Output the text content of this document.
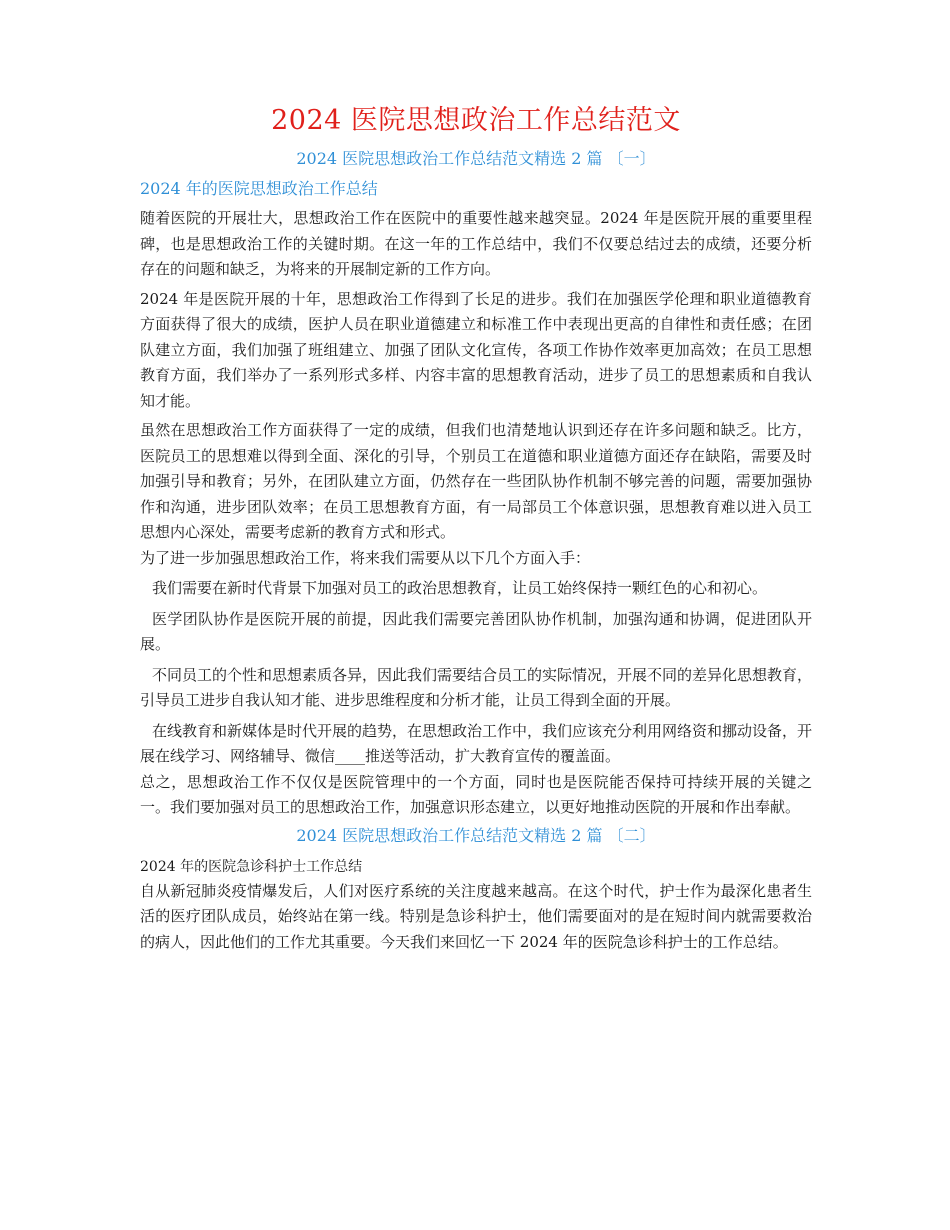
2024 医院思想政治工作总结范文
2024 医院思想政治工作总结范文精选 2 篇 〔一〕
2024 年的医院思想政治工作总结

随着医院的开展壮大，思想政治工作在医院中的重要性越来越突显。2024 年是医院开展的重要里程碑，也是思想政治工作的关键时期。在这一年的工作总结中，我们不仅要总结过去的成绩，还要分析存在的问题和缺乏，为将来的开展制定新的工作方向。

2024 年是医院开展的十年，思想政治工作得到了长足的进步。我们在加强医学伦理和职业道德教育方面获得了很大的成绩，医护人员在职业道德建立和标准工作中表现出更高的自律性和责任感；在团队建立方面，我们加强了班组建立、加强了团队文化宣传，各项工作协作效率更加高效；在员工思想教育方面，我们举办了一系列形式多样、内容丰富的思想教育活动，进步了员工的思想素质和自我认知才能。

虽然在思想政治工作方面获得了一定的成绩，但我们也清楚地认识到还存在许多问题和缺乏。比方，医院员工的思想难以得到全面、深化的引导，个别员工在道德和职业道德方面还存在缺陷，需要及时加强引导和教育；另外，在团队建立方面，仍然存在一些团队协作机制不够完善的问题，需要加强协作和沟通，进步团队效率；在员工思想教育方面，有一局部员工个体意识强，思想教育难以进入员工思想内心深处，需要考虑新的教育方式和形式。

为了进一步加强思想政治工作，将来我们需要从以下几个方面入手：

我们需要在新时代背景下加强对员工的政治思想教育，让员工始终保持一颗红色的心和初心。

医学团队协作是医院开展的前提，因此我们需要完善团队协作机制，加强沟通和协调，促进团队开展。

不同员工的个性和思想素质各异，因此我们需要结合员工的实际情况，开展不同的差异化思想教育，引导员工进步自我认知才能、进步思维程度和分析才能，让员工得到全面的开展。

在线教育和新媒体是时代开展的趋势，在思想政治工作中，我们应该充分利用网络资和挪动设备，开展在线学习、网络辅导、微信____推送等活动，扩大教育宣传的覆盖面。

总之，思想政治工作不仅仅是医院管理中的一个方面，同时也是医院能否保持可持续开展的关键之一。我们要加强对员工的思想政治工作，加强意识形态建立，以更好地推动医院的开展和作出奉献。

2024 医院思想政治工作总结范文精选 2 篇 〔二〕
2024 年的医院急诊科护士工作总结

自从新冠肺炎疫情爆发后，人们对医疗系统的关注度越来越高。在这个时代，护士作为最深化患者生活的医疗团队成员，始终站在第一线。特别是急诊科护士，他们需要面对的是在短时间内就需要救治的病人，因此他们的工作尤其重要。今天我们来回忆一下 2024 年的医院急诊科护士的工作总结。
